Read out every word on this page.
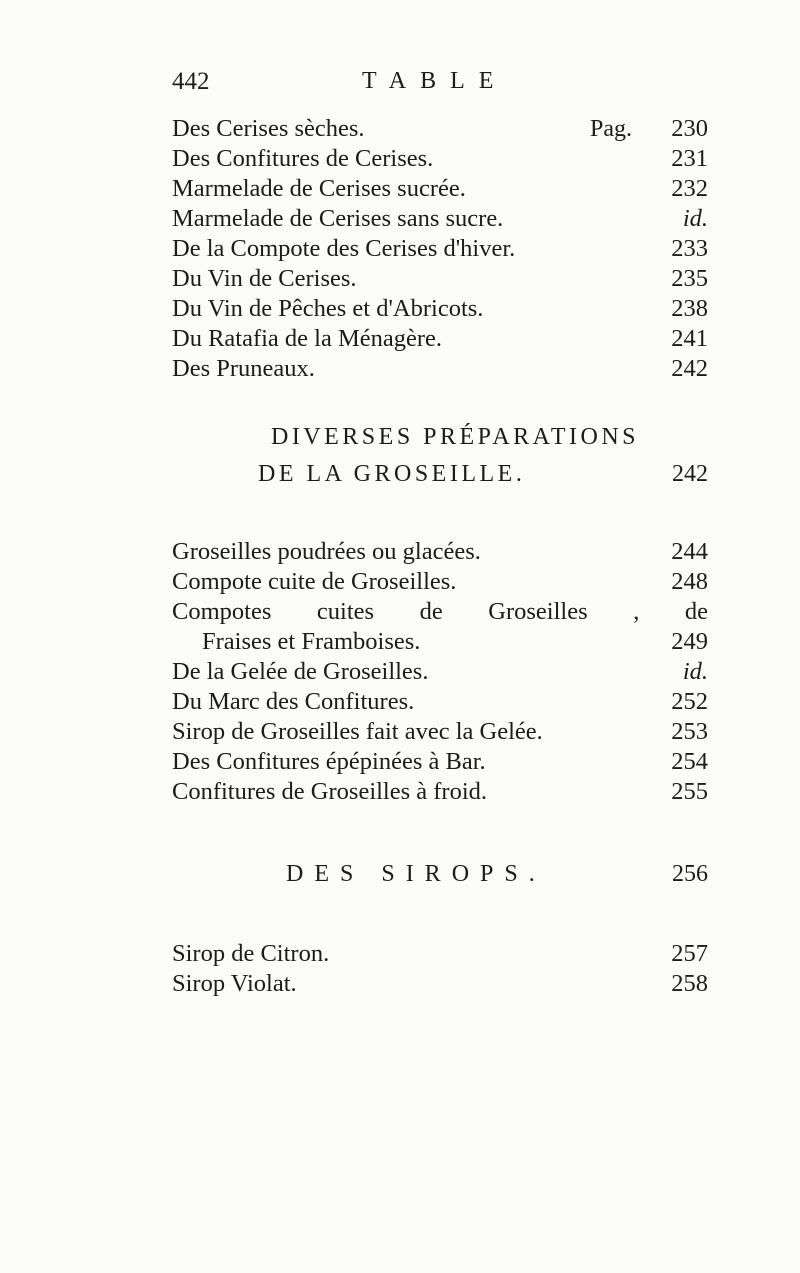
442	TABLE
Des Cerises sèches.	Pag. 230
Des Confitures de Cerises.	231
Marmelade de Cerises sucrée.	232
Marmelade de Cerises sans sucre.	id.
De la Compote des Cerises d'hiver.	233
Du Vin de Cerises.	235
Du Vin de Pêches et d'Abricots.	238
Du Ratafia de la Ménagère.	241
Des Pruneaux.	242
DIVERSES PRÉPARATIONS
DE LA GROSEILLE.	242
Groseilles poudrées ou glacées.	244
Compote cuite de Groseilles.	248
Compotes cuites de Groseilles , de
Fraises et Framboises.	249
De la Gelée de Groseilles.	id.
Du Marc des Confitures.	252
Sirop de Groseilles fait avec la Gelée.	253
Des Confitures épépinées à Bar.	254
Confitures de Groseilles à froid.	255
DES SIROPS.	256
Sirop de Citron.	257
Sirop Violat.	258
